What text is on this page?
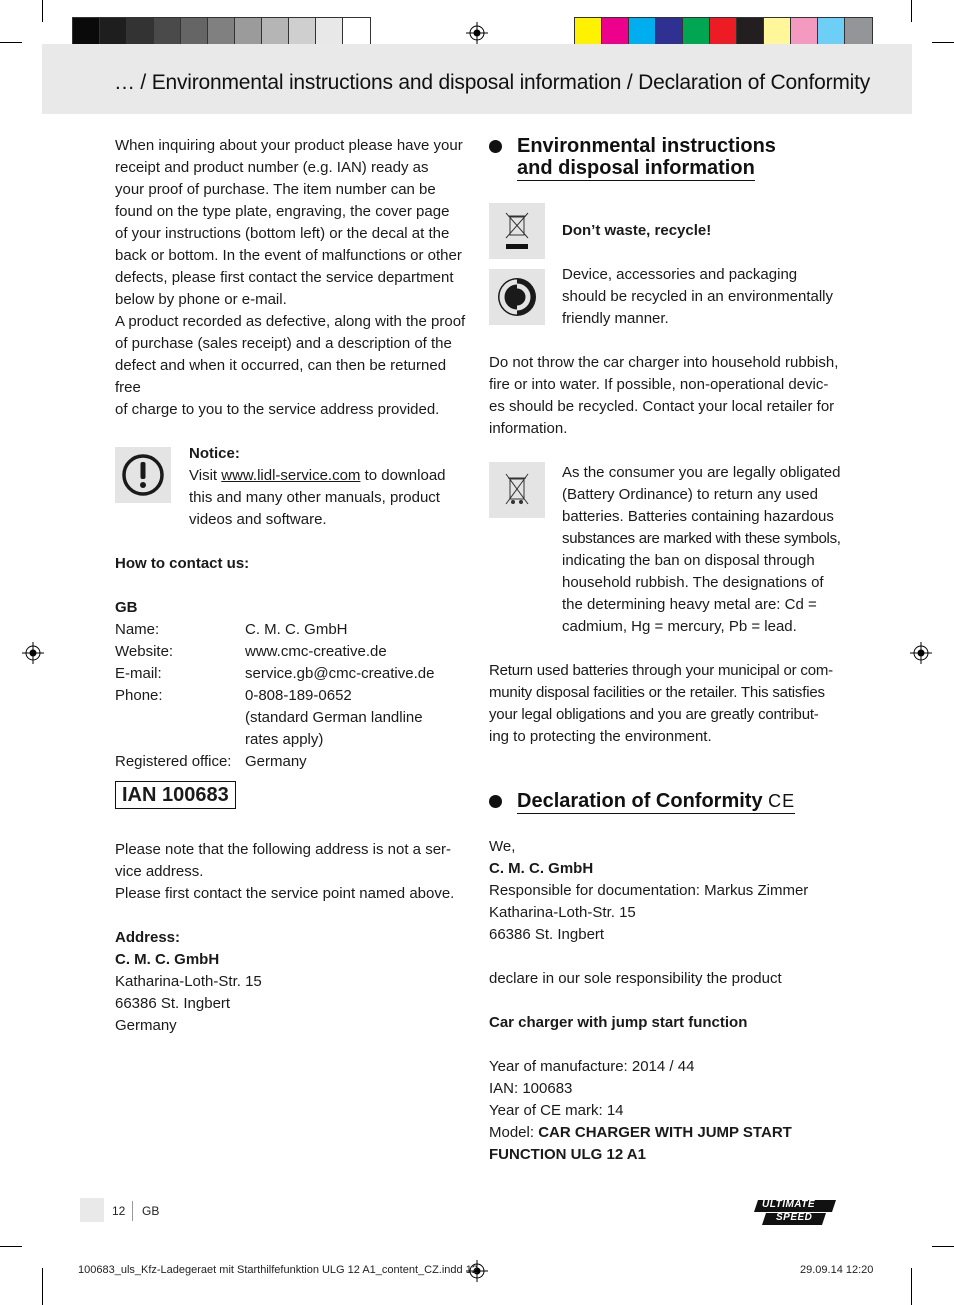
… / Environmental instructions and disposal information / Declaration of Conformity

When inquiring about your product please have your

receipt and product number (e.g. IAN) ready as

your proof of purchase. The item number can be

found on the type plate, engraving, the cover page

of your instructions (bottom left) or the decal at the

back or bottom. In the event of malfunctions or other

defects, please first contact the service department

below by phone or e-mail.

A product recorded as defective, along with the proof

of purchase (sales receipt) and a description of the

defect and when it occurred, can then be returned free

of charge to you to the service address provided.

Notice:

Visit www.lidl-service.com to download

this and many other manuals, product

videos and software.

How to contact us:

GB

Name:	C. M. C. GmbH
Website:	www.cmc-creative.de
E-mail:	service.gb@cmc-creative.de
Phone:	0-808-189-0652
(standard German landline
rates apply)
Registered office: Germany
IAN 100683

Please note that the following address is not a ser-

vice address.

Please first contact the service point named above.

Address:

C. M. C. GmbH

Katharina-Loth-Str. 15

66386 St. Ingbert

Germany

Environmental instructions
and disposal information

Don’t waste, recycle!

Device, accessories and packaging

should be recycled in an environmentally

friendly manner.

Do not throw the car charger into household rubbish,

fire or into water. If possible, non-operational devic-

es should be recycled. Contact your local retailer for

information.

As the consumer you are legally obligated

(Battery Ordinance) to return any used

batteries. Batteries containing hazardous

substances are marked with these symbols,

indicating the ban on disposal through

household rubbish. The designations of

the determining heavy metal are: Cd =

cadmium, Hg = mercury, Pb = lead.

Return used batteries through your municipal or com-

munity disposal facilities or the retailer. This satisfies

your legal obligations and you are greatly contribut-

ing to protecting the environment.

Declaration of Conformity CE

We,

C. M. C. GmbH

Responsible for documentation: Markus Zimmer

Katharina-Loth-Str. 15

66386 St. Ingbert

declare in our sole responsibility the product

Car charger with jump start function

Year of manufacture: 2014 / 44

IAN: 100683

Year of CE mark: 14

Model: CAR CHARGER WITH JUMP START

FUNCTION ULG 12 A1

12 GB	ULTIMATE
SPEED
100683_uls_Kfz-Ladegeraet mit Starthilfefunktion ULG 12 A1_content_CZ.indd 12	29.09.14 12:20
